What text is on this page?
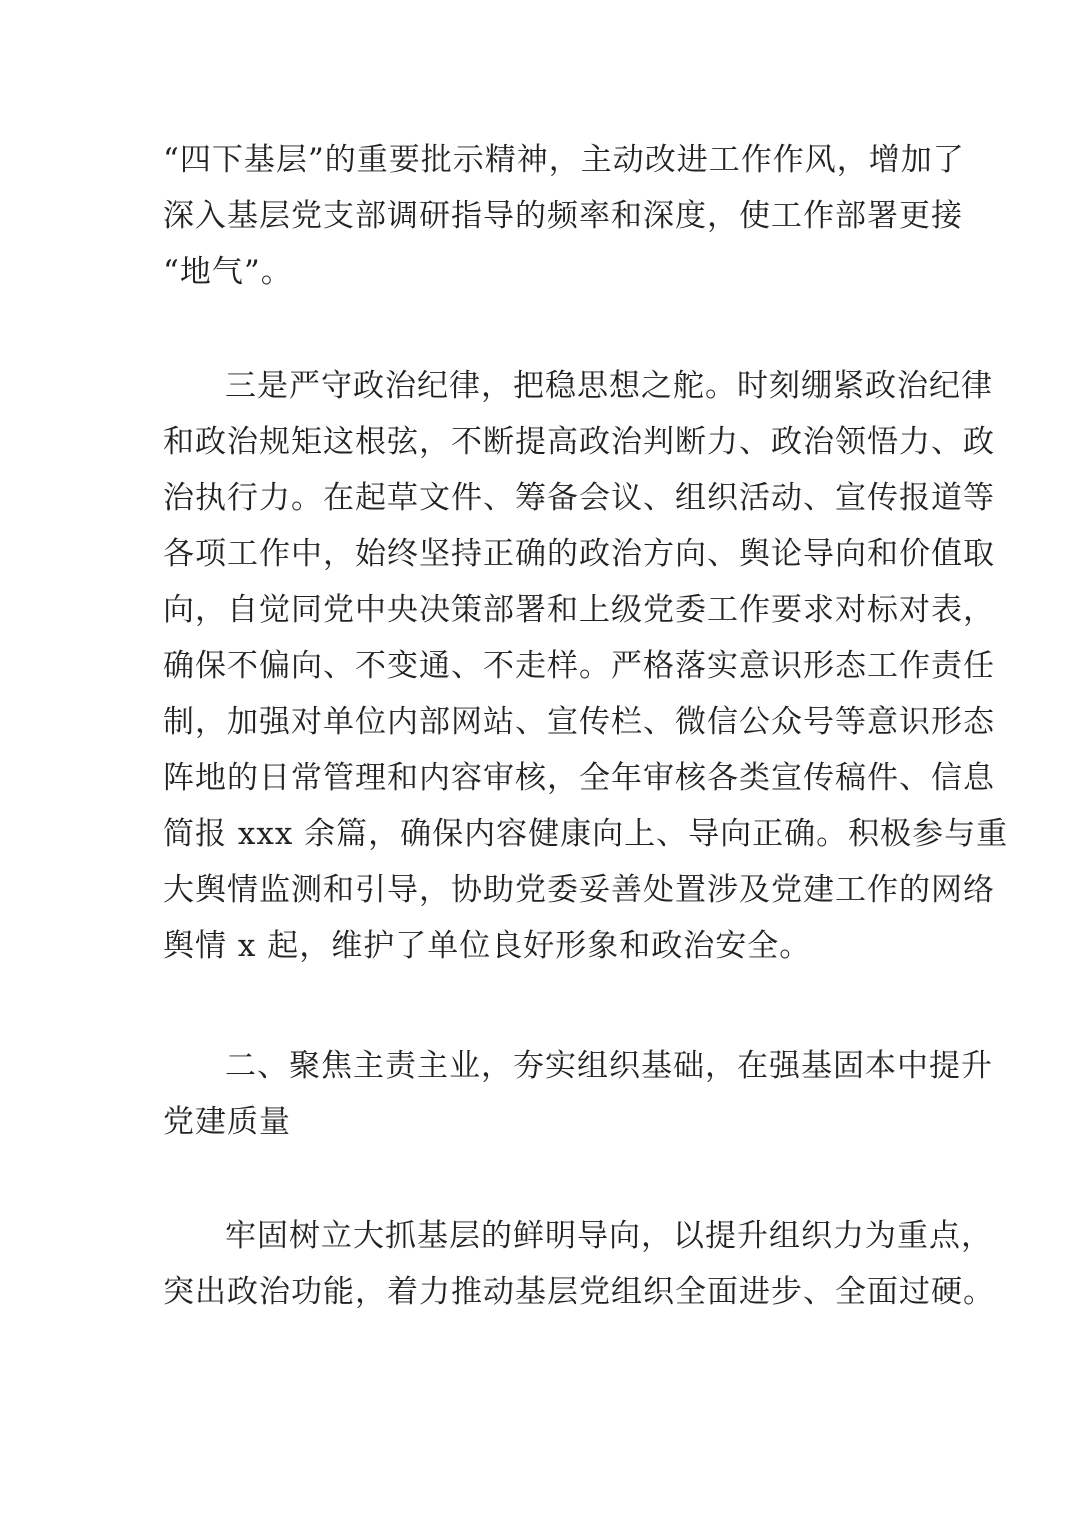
“四下基层”的重要批示精神，主动改进工作作风，增加了
深入基层党支部调研指导的频率和深度，使工作部署更接
“地气”。
三是严守政治纪律，把稳思想之舵。时刻绷紧政治纪律
和政治规矩这根弦，不断提高政治判断力、政治领悟力、政
治执行力。在起草文件、筹备会议、组织活动、宣传报道等
各项工作中，始终坚持正确的政治方向、舆论导向和价值取
向，自觉同党中央决策部署和上级党委工作要求对标对表，
确保不偏向、不变通、不走样。严格落实意识形态工作责任
制，加强对单位内部网站、宣传栏、微信公众号等意识形态
阵地的日常管理和内容审核，全年审核各类宣传稿件、信息
简报 xxx 余篇，确保内容健康向上、导向正确。积极参与重
大舆情监测和引导，协助党委妥善处置涉及党建工作的网络
舆情 x 起，维护了单位良好形象和政治安全。
二、聚焦主责主业，夯实组织基础，在强基固本中提升
党建质量
牢固树立大抓基层的鲜明导向，以提升组织力为重点，
突出政治功能，着力推动基层党组织全面进步、全面过硬。
